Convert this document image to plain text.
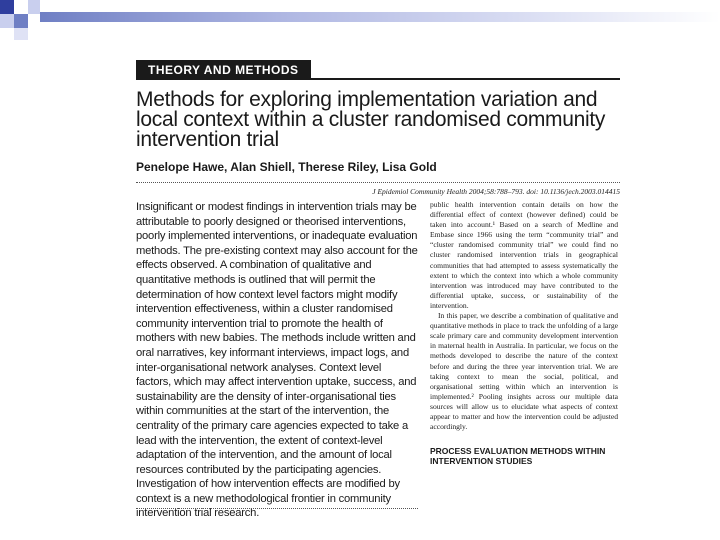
THEORY AND METHODS
Methods for exploring implementation variation and local context within a cluster randomised community intervention trial
Penelope Hawe, Alan Shiell, Therese Riley, Lisa Gold
J Epidemiol Community Health 2004;58:788–793. doi: 10.1136/jech.2003.014415
Insignificant or modest findings in intervention trials may be attributable to poorly designed or theorised interventions, poorly implemented interventions, or inadequate evaluation methods. The pre-existing context may also account for the effects observed. A combination of qualitative and quantitative methods is outlined that will permit the determination of how context level factors might modify intervention effectiveness, within a cluster randomised community intervention trial to promote the health of mothers with new babies. The methods include written and oral narratives, key informant interviews, impact logs, and inter-organisational network analyses. Context level factors, which may affect intervention uptake, success, and sustainability are the density of inter-organisational ties within communities at the start of the intervention, the centrality of the primary care agencies expected to take a lead with the intervention, the extent of context-level adaptation of the intervention, and the amount of local resources contributed by the participating agencies. Investigation of how intervention effects are modified by context is a new methodological frontier in community intervention trial research.

public health intervention contain details on how the differential effect of context (however defined) could be taken into account.¹ Based on a search of Medline and Embase since 1966 using the term “community trial” and “cluster randomised community trial” we could find no cluster randomised intervention trials in geographical communities that had attempted to assess systematically the extent to which the context into which a whole community intervention was introduced may have contributed to the differential uptake, success, or sustainability of the intervention.

In this paper, we describe a combination of qualitative and quantitative methods in place to track the unfolding of a large scale primary care and community development intervention in maternal health in Australia. In particular, we focus on the methods developed to describe the nature of the context before and during the three year intervention trial. We are taking context to mean the social, political, and organisational setting within which an intervention is implemented.² Pooling insights across our multiple data sources will allow us to elucidate what aspects of context appear to matter and how the intervention could be adjusted accordingly.

PROCESS EVALUATION METHODS WITHIN INTERVENTION STUDIES
